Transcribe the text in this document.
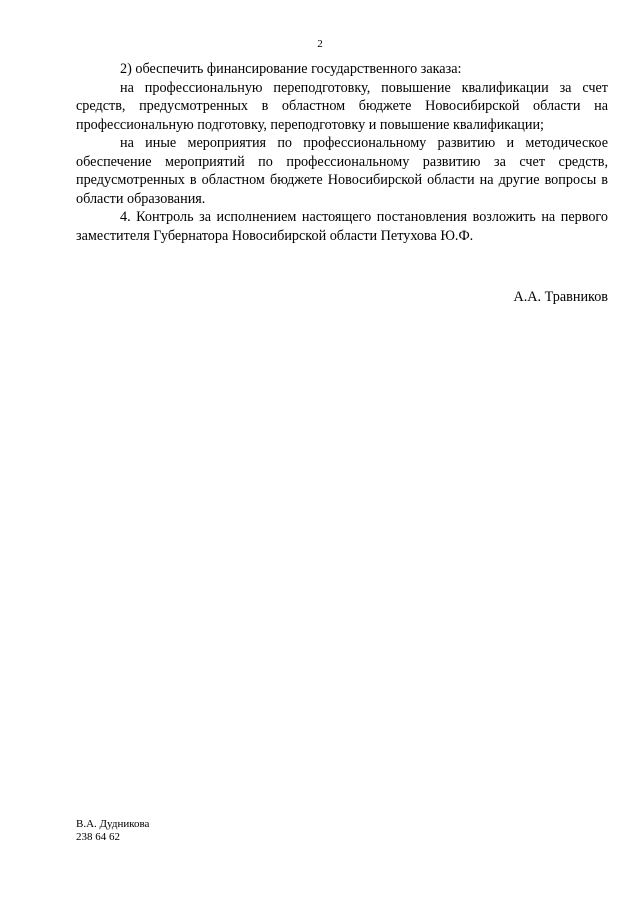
2

2) обеспечить финансирование государственного заказа:

на профессиональную переподготовку, повышение квалификации за счет средств, предусмотренных в областном бюджете Новосибирской области на профессиональную подготовку, переподготовку и повышение квалификации;

на иные мероприятия по профессиональному развитию и методическое обеспечение мероприятий по профессиональному развитию за счет средств, предусмотренных в областном бюджете Новосибирской области на другие вопросы в области образования.

4. Контроль за исполнением настоящего постановления возложить на первого заместителя Губернатора Новосибирской области Петухова Ю.Ф.

А.А. Травников
В.А. Дудникова
238 64 62
